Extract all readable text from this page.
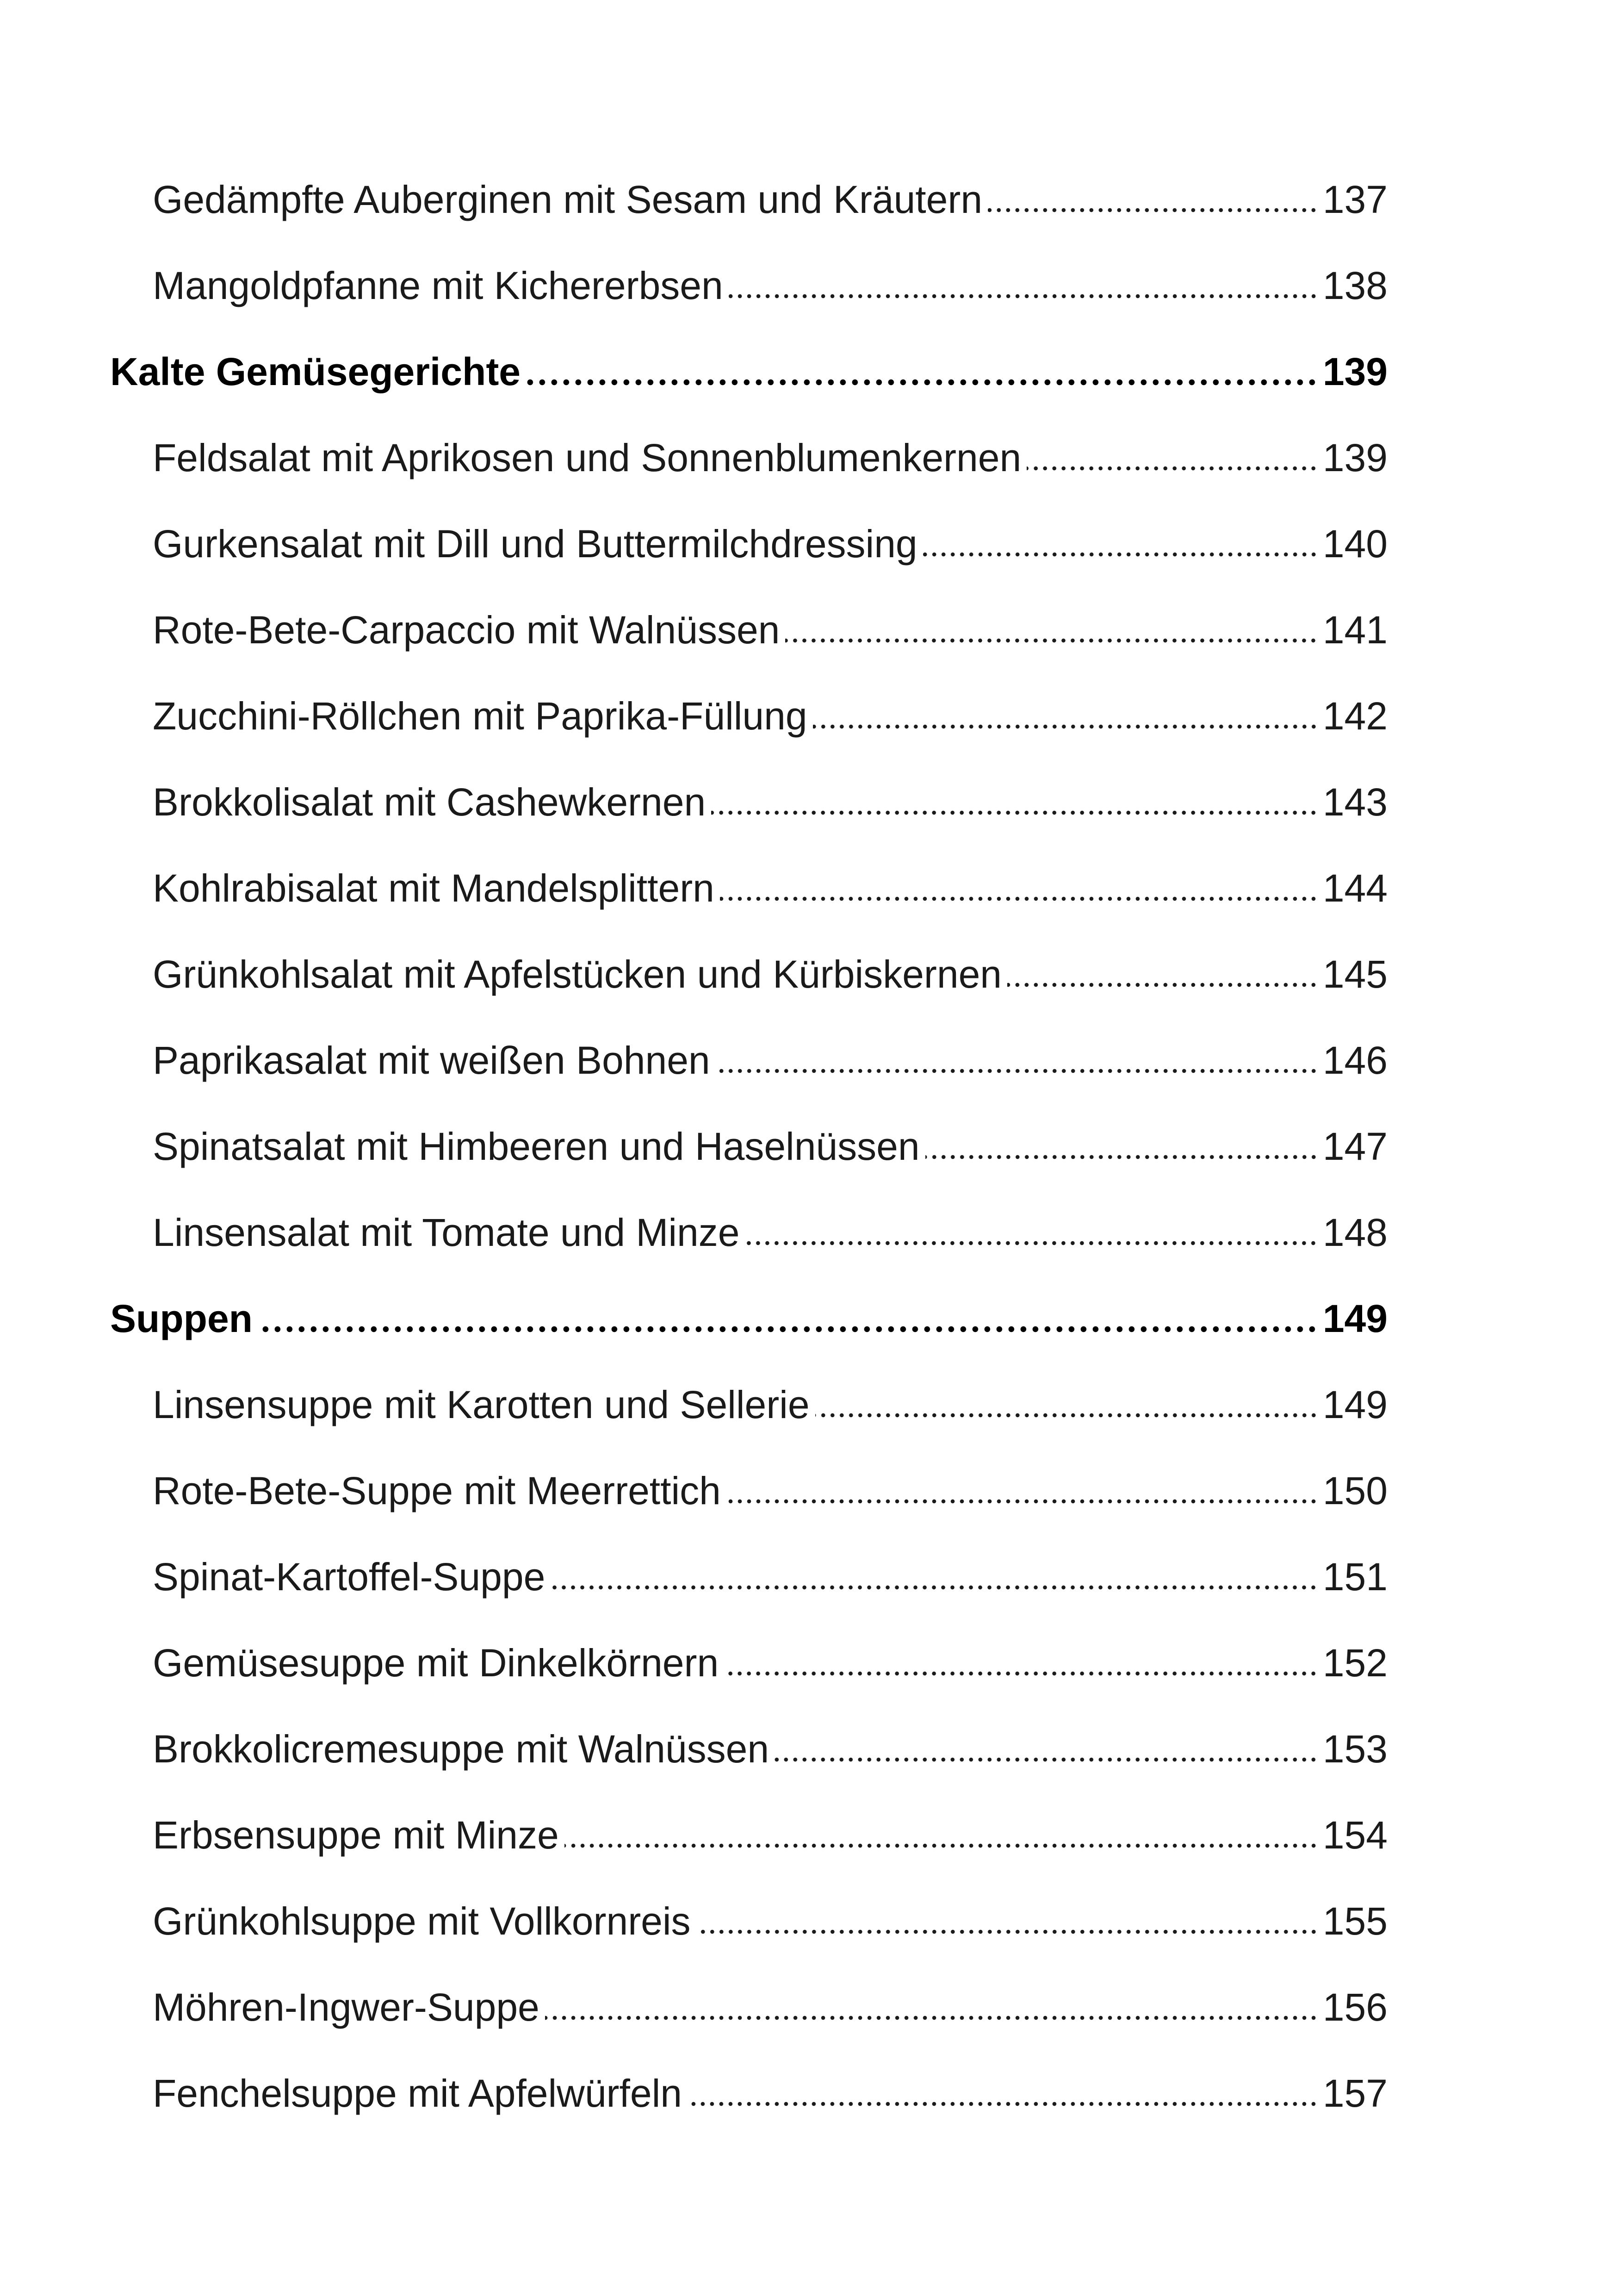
Gedämpfte Auberginen mit Sesam und Kräutern	137
Mangoldpfanne mit Kichererbsen	138
Kalte Gemüsegerichte	139
Feldsalat mit Aprikosen und Sonnenblumenkernen	139
Gurkensalat mit Dill und Buttermilchdressing	140
Rote-Bete-Carpaccio mit Walnüssen	141
Zucchini-Röllchen mit Paprika-Füllung	142
Brokkolisalat mit Cashewkernen	143
Kohlrabisalat mit Mandelsplittern	144
Grünkohlsalat mit Apfelstücken und Kürbiskernen	145
Paprikasalat mit weißen Bohnen	146
Spinatsalat mit Himbeeren und Haselnüssen	147
Linsensalat mit Tomate und Minze	148
Suppen	149
Linsensuppe mit Karotten und Sellerie	149
Rote-Bete-Suppe mit Meerrettich	150
Spinat-Kartoffel-Suppe	151
Gemüsesuppe mit Dinkelkörnern	152
Brokkolicremesuppe mit Walnüssen	153
Erbsensuppe mit Minze	154
Grünkohlsuppe mit Vollkornreis	155
Möhren-Ingwer-Suppe	156
Fenchelsuppe mit Apfelwürfeln	157
